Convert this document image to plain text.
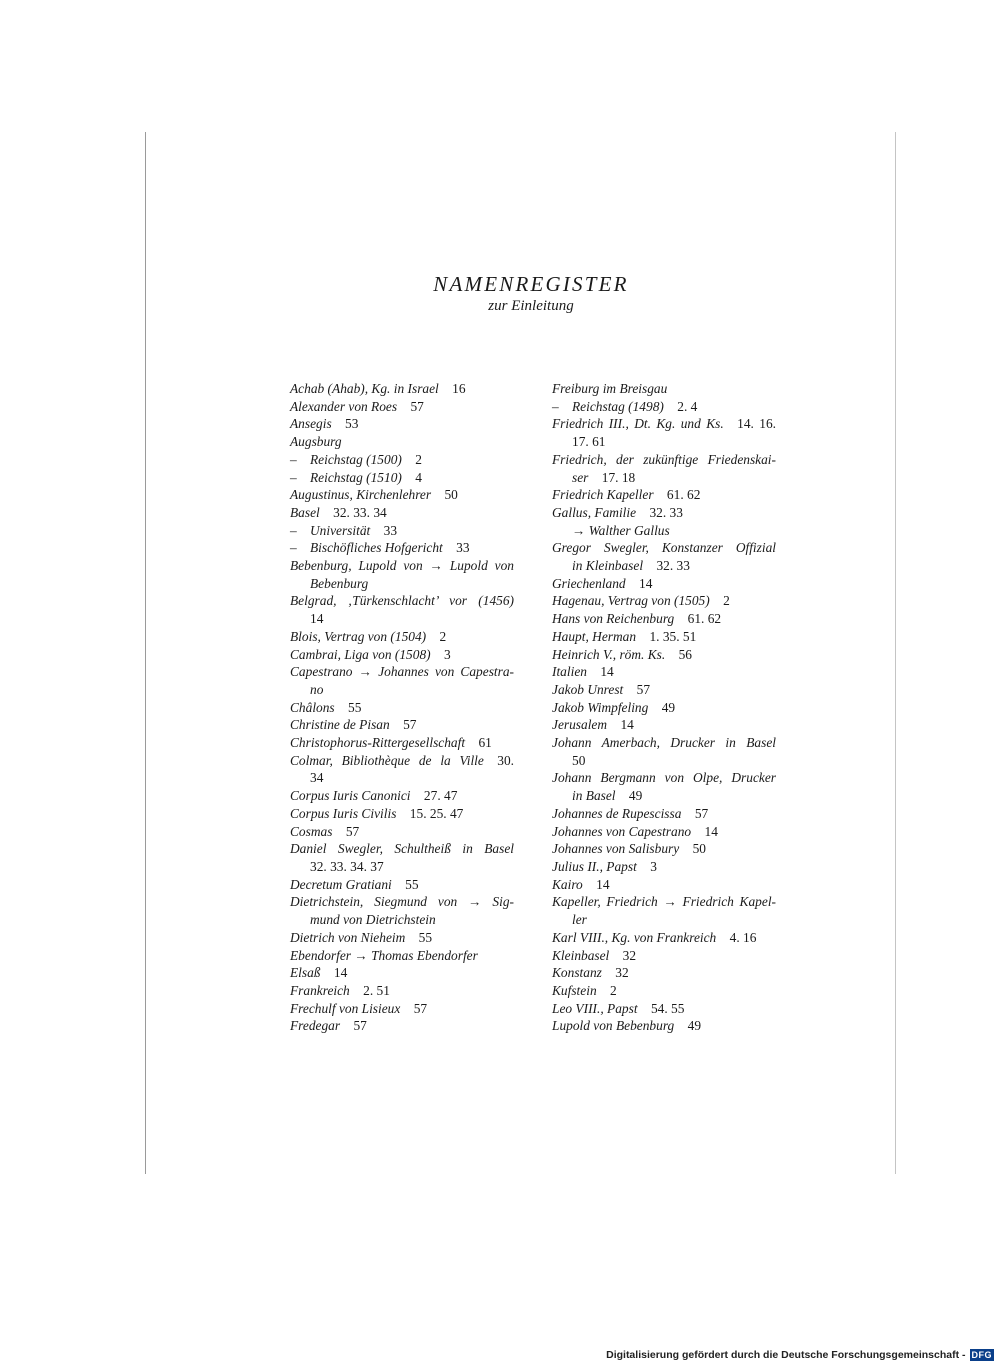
NAMENREGISTER
zur Einleitung
Achab (Ahab), Kg. in Israel  16
Alexander von Roes  57
Ansegis  53
Augsburg
– Reichstag (1500)  2
– Reichstag (1510)  4
Augustinus, Kirchenlehrer  50
Basel  32. 33. 34
– Universität  33
– Bischöfliches Hofgericht  33
Bebenburg, Lupold von → Lupold von
Bebenburg
Belgrad, ‚Türkenschlacht’ vor (1456)
14
Blois, Vertrag von (1504)  2
Cambrai, Liga von (1508)  3
Capestrano → Johannes von Capestra-
no
Châlons  55
Christine de Pisan  57
Christophorus-Rittergesellschaft  61
Colmar, Bibliothèque de la Ville  30.
34
Corpus Iuris Canonici  27. 47
Corpus Iuris Civilis  15. 25. 47
Cosmas  57
Daniel Swegler, Schultheiß in Basel
32. 33. 34. 37
Decretum Gratiani  55
Dietrichstein, Siegmund von → Sig-
mund von Dietrichstein
Dietrich von Nieheim  55
Ebendorfer → Thomas Ebendorfer
Elsaß  14
Frankreich  2. 51
Frechulf von Lisieux  57
Fredegar  57
Freiburg im Breisgau
– Reichstag (1498)  2. 4
Friedrich III., Dt. Kg. und Ks.  14. 16.
17. 61
Friedrich, der zukünftige Friedenskai-
ser  17. 18
Friedrich Kapeller  61. 62
Gallus, Familie  32. 33
→ Walther Gallus
Gregor Swegler, Konstanzer Offizial
in Kleinbasel  32. 33
Griechenland  14
Hagenau, Vertrag von (1505)  2
Hans von Reichenburg  61. 62
Haupt, Herman  1. 35. 51
Heinrich V., röm. Ks.  56
Italien  14
Jakob Unrest  57
Jakob Wimpfeling  49
Jerusalem  14
Johann Amerbach, Drucker in Basel
50
Johann Bergmann von Olpe, Drucker
in Basel  49
Johannes de Rupescissa  57
Johannes von Capestrano  14
Johannes von Salisbury  50
Julius II., Papst  3
Kairo  14
Kapeller, Friedrich → Friedrich Kapel-
ler
Karl VIII., Kg. von Frankreich  4. 16
Kleinbasel  32
Konstanz  32
Kufstein  2
Leo VIII., Papst  54. 55
Lupold von Bebenburg  49
Digitalisierung gefördert durch die Deutsche Forschungsgemeinschaft - DFG
